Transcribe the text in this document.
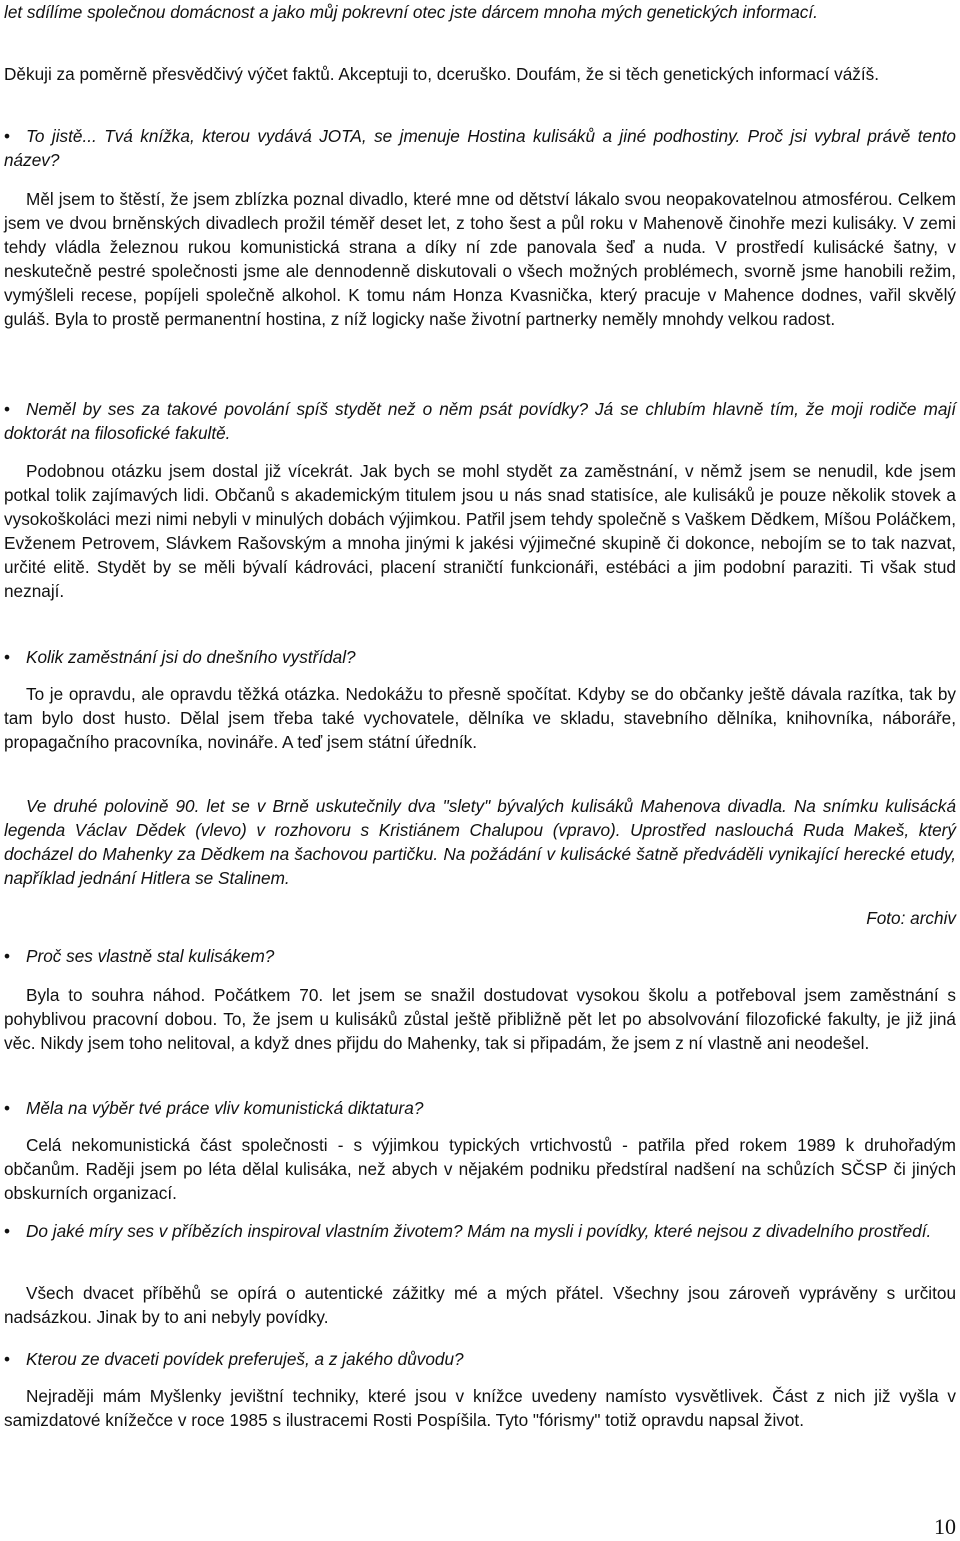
let sdílíme společnou domácnost a jako můj pokrevní otec jste dárcem mnoha mých genetických informací.

Děkuji za poměrně přesvědčivý výčet faktů. Akceptuji to, dceruško. Doufám, že si těch genetických informací vážíš.

• To jistě... Tvá knížka, kterou vydává JOTA, se jmenuje Hostina kulisáků a jiné podhostiny. Proč jsi vybral právě tento název?

Měl jsem to štěstí, že jsem zblízka poznal divadlo, které mne od dětství lákalo svou neopakovatelnou atmosférou. Celkem jsem ve dvou brněnských divadlech prožil téměř deset let, z toho šest a půl roku v Mahenově činohře mezi kulisáky. V zemi tehdy vládla železnou rukou komunistická strana a díky ní zde panovala šeď a nuda. V prostředí kulisácké šatny, v neskutečně pestré společnosti jsme ale dennodenně diskutovali o všech možných problémech, svorně jsme hanobili režim, vymýšleli recese, popíjeli společně alkohol. K tomu nám Honza Kvasnička, který pracuje v Mahence dodnes, vařil skvělý guláš. Byla to prostě permanentní hostina, z níž logicky naše životní partnerky neměly mnohdy velkou radost.

• Neměl by ses za takové povolání spíš stydět než o něm psát povídky? Já se chlubím hlavně tím, že moji rodiče mají doktorát na filosofické fakultě.

Podobnou otázku jsem dostal již vícekrát. Jak bych se mohl stydět za zaměstnání, v němž jsem se nenudil, kde jsem potkal tolik zajímavých lidi. Občanů s akademickým titulem jsou u nás snad statisíce, ale kulisáků je pouze několik stovek a vysokoškoláci mezi nimi nebyli v minulých dobách výjimkou. Patřil jsem tehdy společně s Vaškem Dědkem, Míšou Poláčkem, Evženem Petrovem, Slávkem Rašovským a mnoha jinými k jakési výjimečné skupině či dokonce, nebojím se to tak nazvat, určité elitě. Stydět by se měli bývalí kádrováci, placení straničtí funkcionáři, estébáci a jim podobní paraziti. Ti však stud neznají.

• Kolik zaměstnání jsi do dnešního vystřídal?

To je opravdu, ale opravdu těžká otázka. Nedokážu to přesně spočítat. Kdyby se do občanky ještě dávala razítka, tak by tam bylo dost husto. Dělal jsem třeba také vychovatele, dělníka ve skladu, stavebního dělníka, knihovníka, náboráře, propagačního pracovníka, novináře. A teď jsem státní úředník.

Ve druhé polovině 90. let se v Brně uskutečnily dva "slety" bývalých kulisáků Mahenova divadla. Na snímku kulisácká legenda Václav Dědek (vlevo) v rozhovoru s Kristiánem Chalupou (vpravo). Uprostřed naslouchá Ruda Makeš, který docházel do Mahenky za Dědkem na šachovou partičku. Na požádání v kulisácké šatně předváděli vynikající herecké etudy, například jednání Hitlera se Stalinem.

Foto: archiv

• Proč ses vlastně stal kulisákem?

Byla to souhra náhod. Počátkem 70. let jsem se snažil dostudovat vysokou školu a potřeboval jsem zaměstnání s pohyblivou pracovní dobou. To, že jsem u kulisáků zůstal ještě přibližně pět let po absolvování filozofické fakulty, je již jiná věc. Nikdy jsem toho nelitoval, a když dnes přijdu do Mahenky, tak si připadám, že jsem z ní vlastně ani neodešel.

• Měla na výběr tvé práce vliv komunistická diktatura?

Celá nekomunistická část společnosti - s výjimkou typických vrtichvostů - patřila před rokem 1989 k druhořadým občanům. Raději jsem po léta dělal kulisáka, než abych v nějakém podniku předstíral nadšení na schůzích SČSP či jiných obskurních organizací.

• Do jaké míry ses v příbězích inspiroval vlastním životem? Mám na mysli i povídky, které nejsou z divadelního prostředí.

Všech dvacet příběhů se opírá o autentické zážitky mé a mých přátel. Všechny jsou zároveň vyprávěny s určitou nadsázkou. Jinak by to ani nebyly povídky.

• Kterou ze dvaceti povídek preferuješ, a z jakého důvodu?

Nejraději mám Myšlenky jevištní techniky, které jsou v knížce uvedeny namísto vysvětlivek. Část z nich již vyšla v samizdatové knížečce v roce 1985 s ilustracemi Rosti Pospíšila. Tyto "fórismy" totiž opravdu napsal život.

10
